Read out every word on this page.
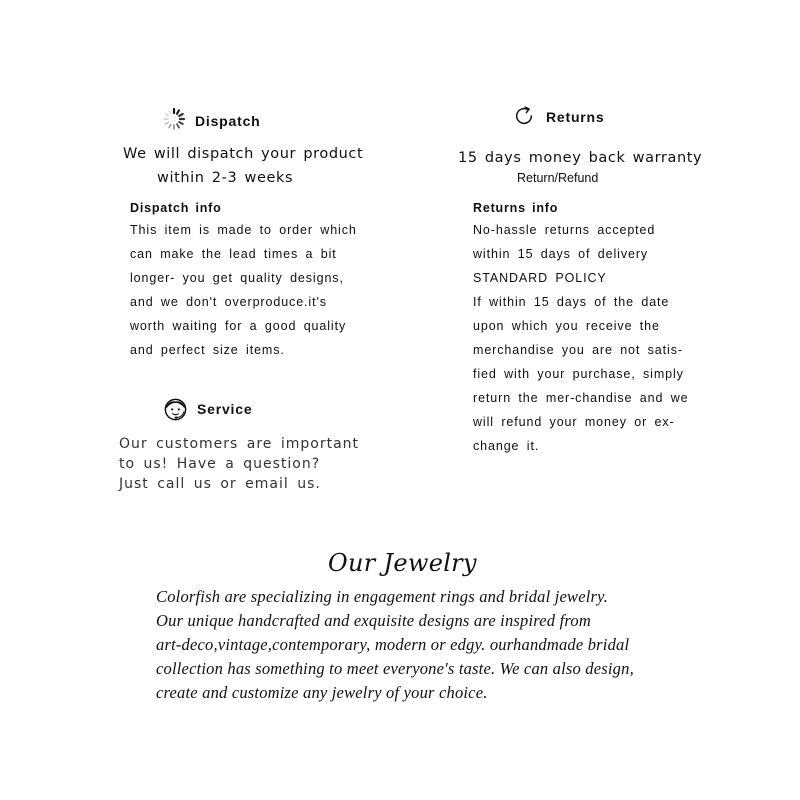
Dispatch
We will dispatch your product
within 2-3 weeks
Dispatch info
This item is made to order which
can make the lead times a bit
longer- you get quality designs,
and we don't overproduce.it's
worth waiting for a good quality
and perfect size items.
Returns
15 days money back warranty
Return/Refund
Returns info
No-hassle returns accepted
within 15 days of delivery
STANDARD POLICY
If within 15 days of the date
upon which you receive the
merchandise you are not satis-
fied with your purchase, simply
return the mer-chandise and we
will refund your money or ex-
change it.
Service
Our customers are important
to us! Have a question?
Just call us or email us.
Our Jewelry
Colorfish are specializing in engagement rings and bridal jewelry.
Our unique handcrafted and exquisite designs are inspired from
art-deco,vintage,contemporary, modern or edgy. ourhandmade bridal
collection has something to meet everyone's taste. We can also design,
create and customize any jewelry of your choice.
